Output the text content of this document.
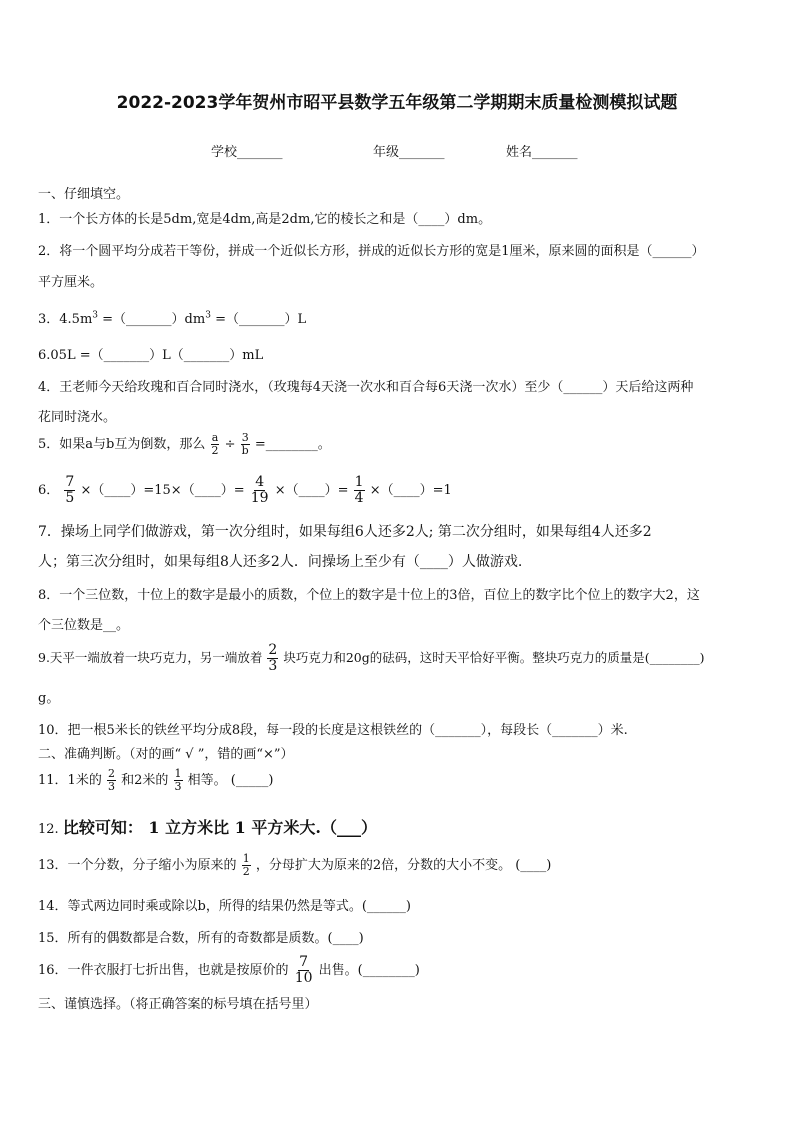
2022-2023学年贺州市昭平县数学五年级第二学期期末质量检测模拟试题
学校_______	年级_______	姓名_______
一、仔细填空。
1．一个长方体的长是5dm,宽是4dm,高是2dm,它的棱长之和是（____）dm。
2．将一个圆平均分成若干等份，拼成一个近似长方形，拼成的近似长方形的宽是1厘米，原来圆的面积是（______）
平方厘米。
3．$4.5m^3$ $=(\_\_\_\_\_\_\_)dm^3$ =（_______）L
6.05L =（_______）L（_______）mL
4．王老师今天给玫瑰和百合同时浇水，（玫瑰每4天浇一次水和百合每6天浇一次水）至少（______）天后给这两种
花同时浇水。
5．如果a与b互为倒数，那么 $\frac{a}{2} \div \frac{3}{b}$ =________。
6． $\frac{7}{5}$ ×（____）=15×（____）= $\frac{4}{19}$ ×（____）= $\frac{1}{4}$ ×（____）=1
7．操场上同学们做游戏，第一次分组时，如果每组6人还多2人; 第二次分组时，如果每组4人还多2
人；第三次分组时，如果每组8人还多2人．问操场上至少有（____）人做游戏.
8．一个三位数，十位上的数字是最小的质数，个位上的数字是十位上的3倍，百位上的数字比个位上的数字大2，这
个三位数是__。
9.天平一端放着一块巧克力，另一端放着 $\frac{2}{3}$ 块巧克力和20g的砝码，这时天平恰好平衡。整块巧克力的质量是(________)
g。
10．把一根5米长的铁丝平均分成8段，每一段的长度是这根铁丝的（_______），每段长（_______）米.
二、准确判断。（对的画“ √ ”，错的画“×”）
11．1米的 $\frac{2}{3}$ 和2米的 $\frac{1}{3}$ 相等。 (_____)
12. 比较可知： 1 立方米比 1 平方米大.（___）
13．一个分数，分子缩小为原来的 $\frac{1}{2}$ ，分母扩大为原来的2倍，分数的大小不变。 (____)
14．等式两边同时乘或除以b，所得的结果仍然是等式。(______)
15．所有的偶数都是合数，所有的奇数都是质数。(____)
16．一件衣服打七折出售，也就是按原价的 $\frac{7}{10}$ 出售。(________)
三、谨慎选择。（将正确答案的标号填在括号里）
